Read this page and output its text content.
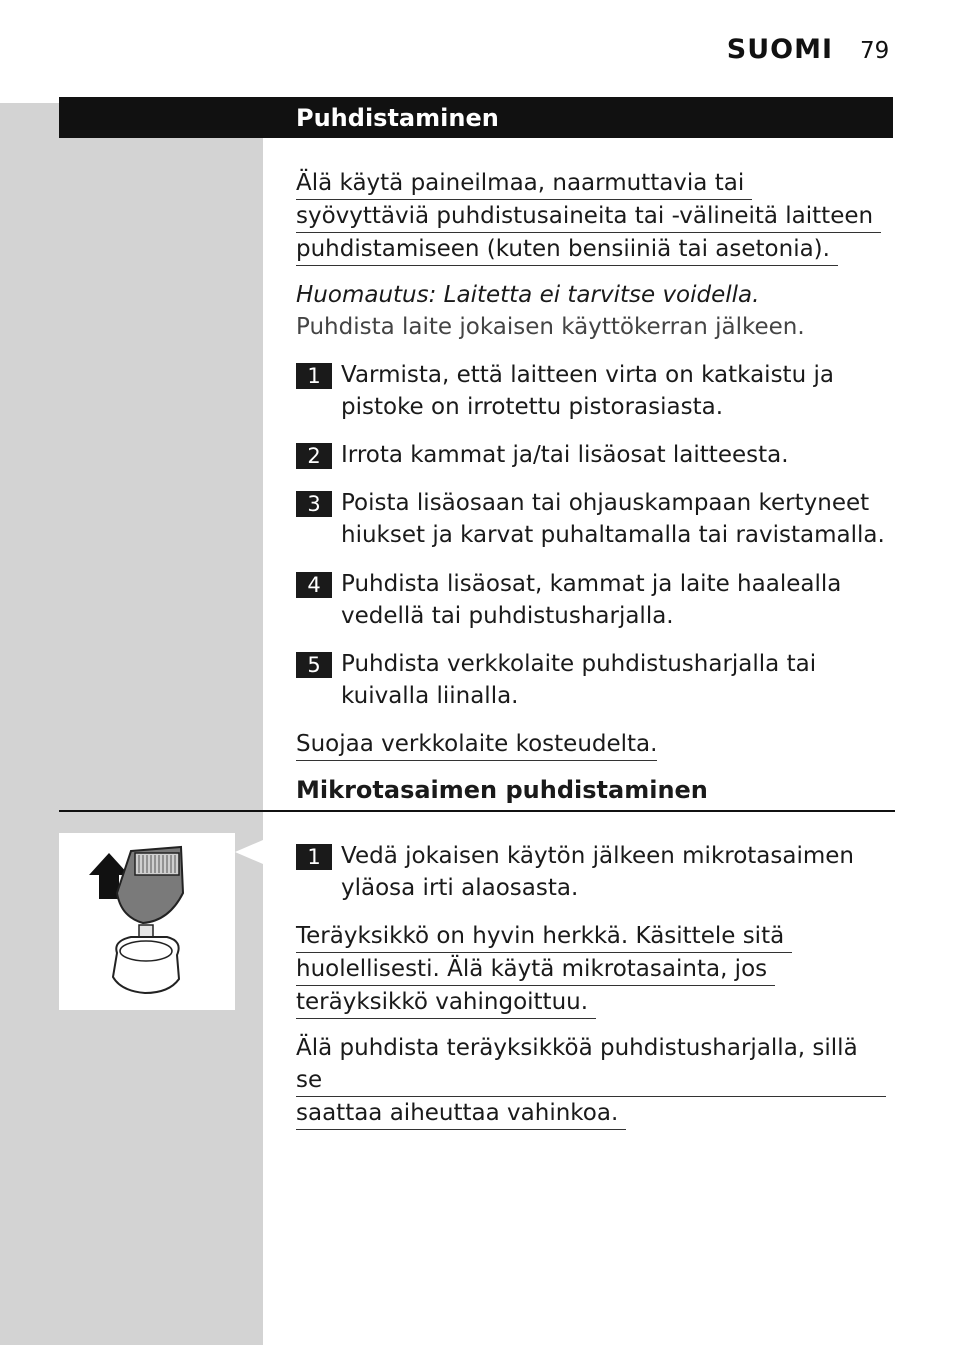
SUOMI 79
Puhdistaminen
Älä käytä paineilmaa, naarmuttavia tai
syövyttäviä puhdistusaineita tai -välineitä laitteen
puhdistamiseen (kuten bensiiniä tai asetonia).
Huomautus: Laitetta ei tarvitse voidella.
Puhdista laite jokaisen käyttökerran jälkeen.
1 Varmista, että laitteen virta on katkaistu ja pistoke on irrotettu pistorasiasta.
2 Irrota kammat ja/tai lisäosat laitteesta.
3 Poista lisäosaan tai ohjauskampaan kertyneet hiukset ja karvat puhaltamalla tai ravistamalla.
4 Puhdista lisäosat, kammat ja laite haalealla vedellä tai puhdistusharjalla.
5 Puhdista verkkolaite puhdistusharjalla tai kuivalla liinalla.
Suojaa verkkolaite kosteudelta.
Mikrotasaimen puhdistaminen
1 Vedä jokaisen käytön jälkeen mikrotasaimen yläosa irti alaosasta.
Teräyksikkö on hyvin herkkä. Käsittele sitä
huolellisesti. Älä käytä mikrotasainta, jos
teräyksikkö vahingoittuu.
Älä puhdista teräyksikköä puhdistusharjalla, sillä se
saattaa aiheuttaa vahinkoa.
